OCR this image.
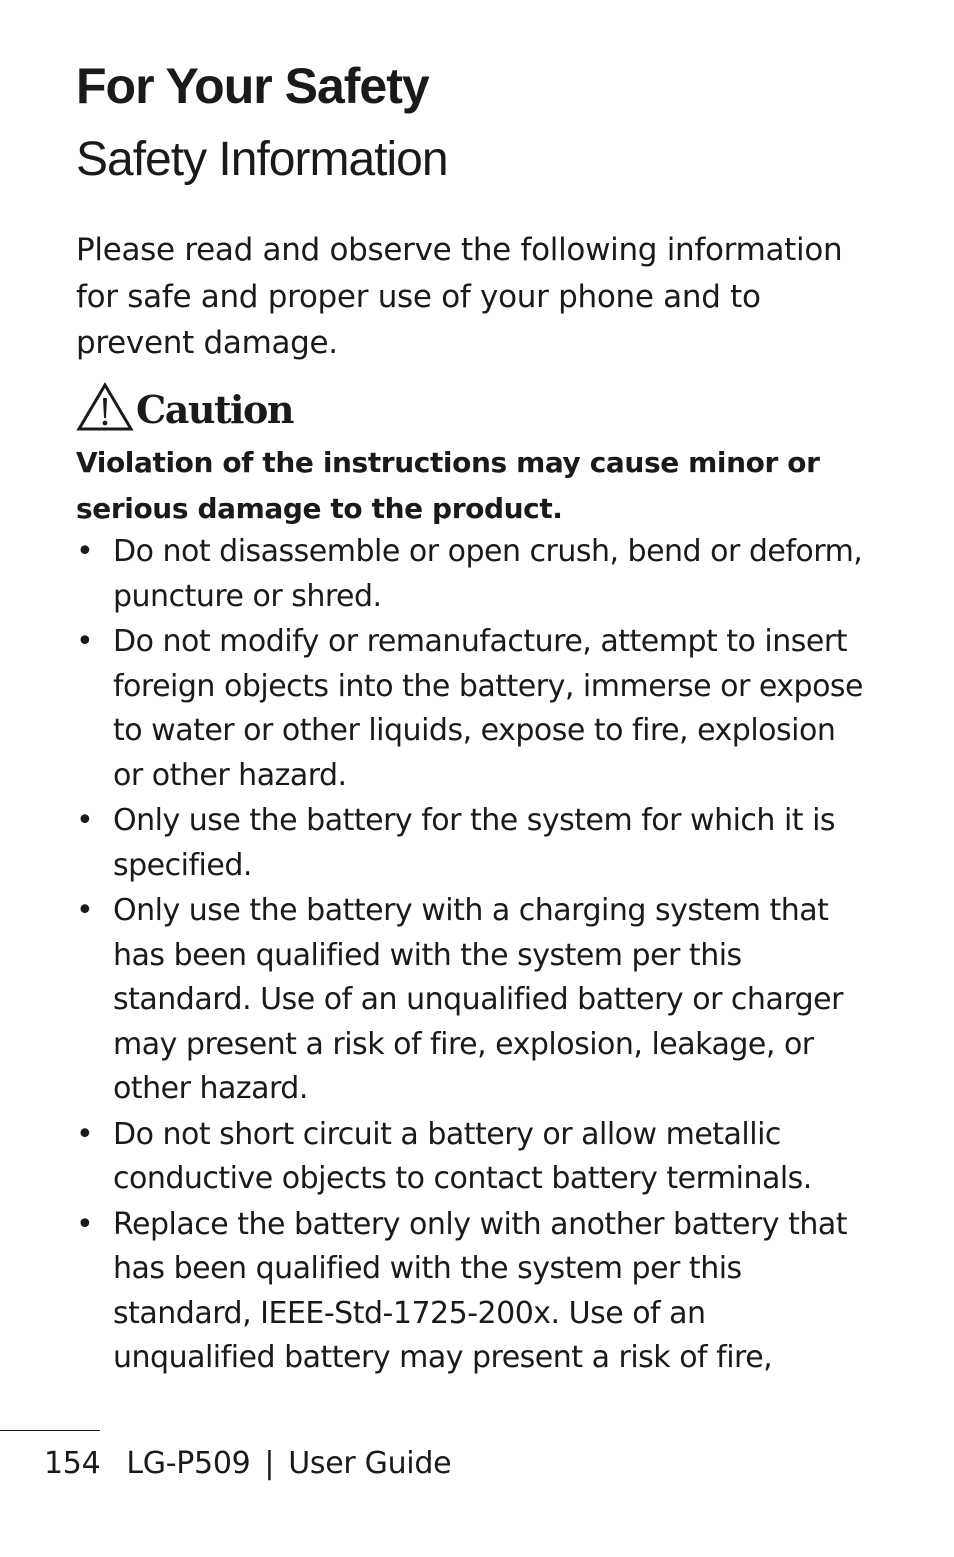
For Your Safety
Safety Information

Please read and observe the following information for safe and proper use of your phone and to prevent damage.

Caution

Violation of the instructions may cause minor or serious damage to the product.

• Do not disassemble or open crush, bend or deform, puncture or shred.
• Do not modify or remanufacture, attempt to insert foreign objects into the battery, immerse or expose to water or other liquids, expose to fire, explosion or other hazard.
• Only use the battery for the system for which it is specified.
• Only use the battery with a charging system that has been qualified with the system per this standard. Use of an unqualified battery or charger may present a risk of fire, explosion, leakage, or other hazard.
• Do not short circuit a battery or allow metallic conductive objects to contact battery terminals.
• Replace the battery only with another battery that has been qualified with the system per this standard, IEEE-Std-1725-200x. Use of an unqualified battery may present a risk of fire,
154 LG-P509 | User Guide
